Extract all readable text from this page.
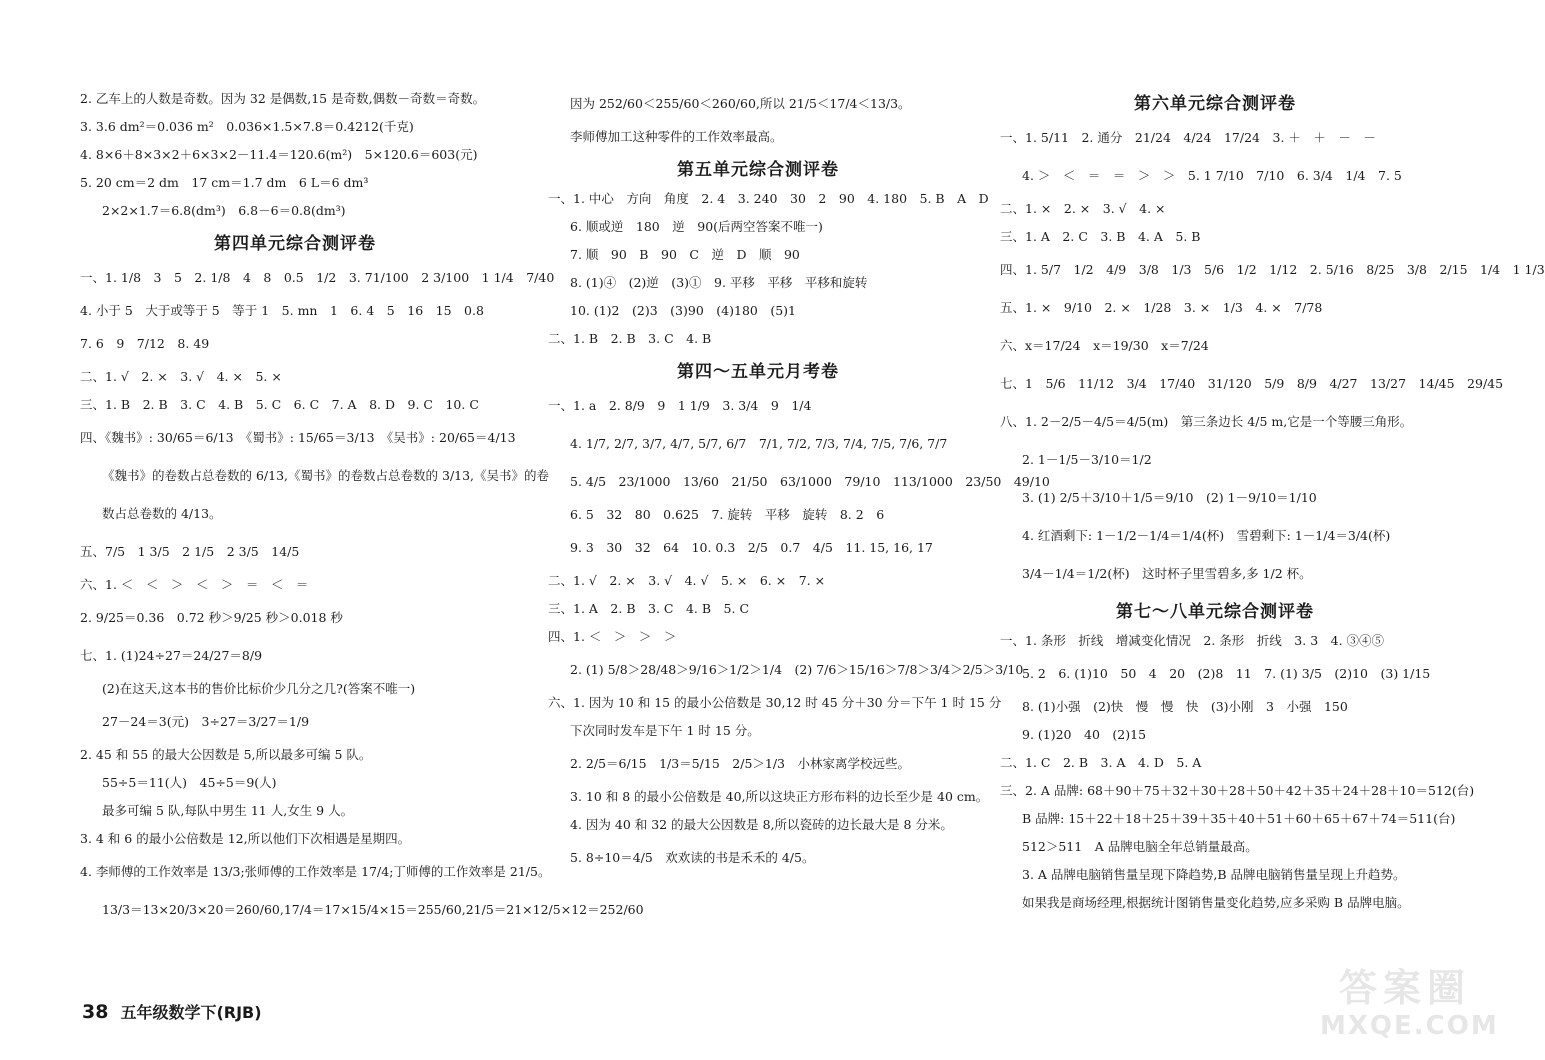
2. 乙车上的人数是奇数。因为 32 是偶数,15 是奇数,偶数－奇数＝奇数。
3. 3.6 dm²＝0.036 m²　0.036×1.5×7.8＝0.4212(千克)
4. 8×6＋8×3×2＋6×3×2－11.4＝120.6(m²)　5×120.6＝603(元)
5. 20 cm＝2 dm　17 cm＝1.7 dm　6 L＝6 dm³
2×2×1.7＝6.8(dm³)　6.8－6＝0.8(dm³)
第四单元综合测评卷
一、1. 1/8　3　5　2. 1/8　4　8　0.5　1/2　3. 71/100　2 3/100　1 1/4　7/40
4. 小于 5　大于或等于 5　等于 1　5. mn　1　6. 4　5　16　15　0.8
7. 6　9　7/12　8. 49
二、1. √　2. ×　3. √　4. ×　5. ×
三、1. B　2. B　3. C　4. B　5. C　6. C　7. A　8. D　9. C　10. C
四、《魏书》: 30/65＝6/13　《蜀书》: 15/65＝3/13　《吴书》: 20/65＝4/13
《魏书》的卷数占总卷数的 6/13,《蜀书》的卷数占总卷数的 3/13,《吴书》的卷
数占总卷数的 4/13。
五、7/5　1 3/5　2 1/5　2 3/5　14/5
六、1. ＜　＜　＞　＜　＞　＝　＜　＝
2. 9/25＝0.36　0.72 秒＞9/25 秒＞0.018 秒
七、1. (1)24÷27＝24/27＝8/9
(2)在这天,这本书的售价比标价少几分之几?(答案不唯一)
27－24＝3(元)　3÷27＝3/27＝1/9
2. 45 和 55 的最大公因数是 5,所以最多可编 5 队。
55÷5＝11(人)　45÷5＝9(人)
最多可编 5 队,每队中男生 11 人,女生 9 人。
3. 4 和 6 的最小公倍数是 12,所以他们下次相遇是星期四。
4. 李师傅的工作效率是 13/3;张师傅的工作效率是 17/4;丁师傅的工作效率是 21/5。
13/3＝13×20/3×20＝260/60,17/4＝17×15/4×15＝255/60,21/5＝21×12/5×12＝252/60
因为 252/60＜255/60＜260/60,所以 21/5＜17/4＜13/3。
李师傅加工这种零件的工作效率最高。
第五单元综合测评卷
一、1. 中心　方向　角度　2. 4　3. 240　30　2　90　4. 180　5. B　A　D
6. 顺或逆　180　逆　90(后两空答案不唯一)
7. 顺　90　B　90　C　逆　D　顺　90
8. (1)④　(2)逆　(3)①　9. 平移　平移　平移和旋转
10. (1)2　(2)3　(3)90　(4)180　(5)1
二、1. B　2. B　3. C　4. B
第四～五单元月考卷
一、1. a　2. 8/9　9　1 1/9　3. 3/4　9　1/4
4. 1/7, 2/7, 3/7, 4/7, 5/7, 6/7　7/1, 7/2, 7/3, 7/4, 7/5, 7/6, 7/7
5. 4/5　23/1000　13/60　21/50　63/1000　79/10　113/1000　23/50　49/10
6. 5　32　80　0.625　7. 旋转　平移　旋转　8. 2　6
9. 3　30　32　64　10. 0.3　2/5　0.7　4/5　11. 15, 16, 17
二、1. √　2. ×　3. √　4. √　5. ×　6. ×　7. ×
三、1. A　2. B　3. C　4. B　5. C
四、1. ＜　＞　＞　＞
2. (1) 5/8＞28/48＞9/16＞1/2＞1/4　(2) 7/6＞15/16＞7/8＞3/4＞2/5＞3/10
六、1. 因为 10 和 15 的最小公倍数是 30,12 时 45 分＋30 分＝下午 1 时 15 分
下次同时发车是下午 1 时 15 分。
2. 2/5＝6/15　1/3＝5/15　2/5＞1/3　小林家离学校远些。
3. 10 和 8 的最小公倍数是 40,所以这块正方形布料的边长至少是 40 cm。
4. 因为 40 和 32 的最大公因数是 8,所以瓷砖的边长最大是 8 分米。
5. 8÷10＝4/5　欢欢读的书是禾禾的 4/5。
第六单元综合测评卷
一、1. 5/11　2. 通分　21/24　4/24　17/24　3. ＋　＋　－　－
4. ＞　＜　＝　＝　＞　＞　5. 1 7/10　7/10　6. 3/4　1/4　7. 5
二、1. ×　2. ×　3. √　4. ×
三、1. A　2. C　3. B　4. A　5. B
四、1. 5/7　1/2　4/9　3/8　1/3　5/6　1/2　1/12　2. 5/16　8/25　3/8　2/15　1/4　1 1/3
五、1. ×　9/10　2. ×　1/28　3. ×　1/3　4. ×　7/78
六、x＝17/24　x＝19/30　x＝7/24
七、1　5/6　11/12　3/4　17/40　31/120　5/9　8/9　4/27　13/27　14/45　29/45
八、1. 2－2/5－4/5＝4/5(m)　第三条边长 4/5 m,它是一个等腰三角形。
2. 1－1/5－3/10＝1/2
3. (1) 2/5＋3/10＋1/5＝9/10　(2) 1－9/10＝1/10
4. 红酒剩下: 1－1/2－1/4＝1/4(杯)　雪碧剩下: 1－1/4＝3/4(杯)
3/4－1/4＝1/2(杯)　这时杯子里雪碧多,多 1/2 杯。
第七～八单元综合测评卷
一、1. 条形　折线　增减变化情况　2. 条形　折线　3. 3　4. ③④⑤
5. 2　6. (1)10　50　4　20　(2)8　11　7. (1) 3/5　(2)10　(3) 1/15
8. (1)小强　(2)快　慢　慢　快　(3)小刚　3　小强　150
9. (1)20　40　(2)15
二、1. C　2. B　3. A　4. D　5. A
三、2. A 品牌: 68＋90＋75＋32＋30＋28＋50＋42＋35＋24＋28＋10＝512(台)
B 品牌: 15＋22＋18＋25＋39＋35＋40＋51＋60＋65＋67＋74＝511(台)
512＞511　A 品牌电脑全年总销量最高。
3. A 品牌电脑销售量呈现下降趋势,B 品牌电脑销售量呈现上升趋势。
如果我是商场经理,根据统计图销售量变化趋势,应多采购 B 品牌电脑。
38 五年级数学下(RJB)
答案圈
MXQE.COM
